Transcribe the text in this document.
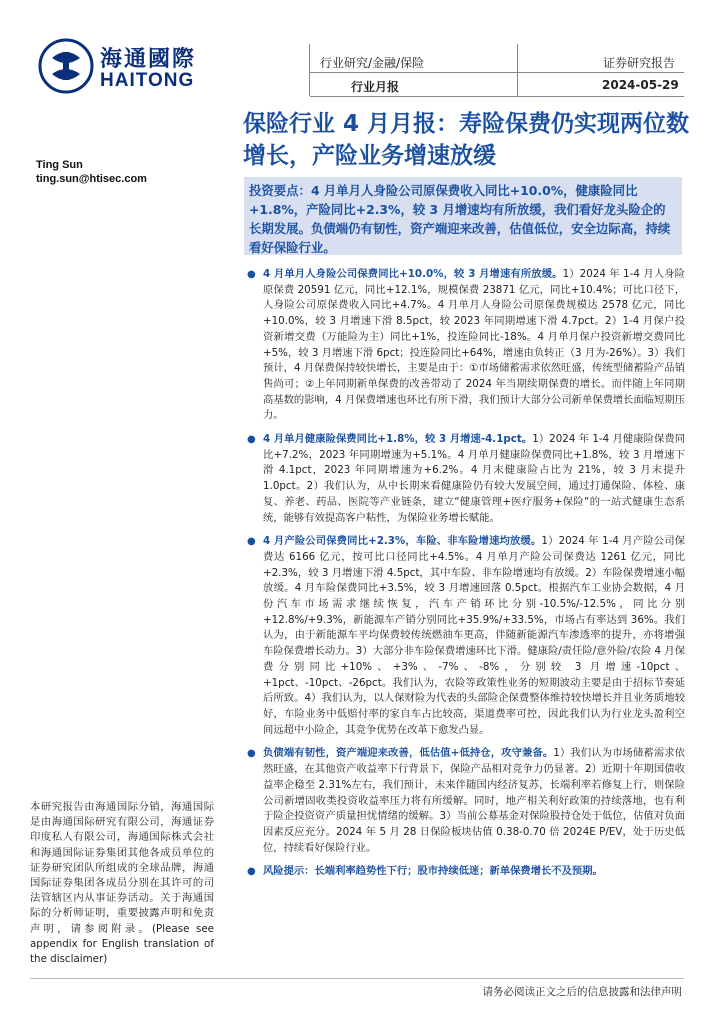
海通國際
HAITONG
行业研究/金融/保险	证券研究报告
行业月报	2024-05-29
保险行业 4 月月报：寿险保费仍实现两位数增长，产险业务增速放缓
Ting Sun
ting.sun@htisec.com
投资要点：4 月单月人身险公司原保费收入同比+10.0%，健康险同比+1.8%，产险同比+2.3%，较 3 月增速均有所放缓，我们看好龙头险企的长期发展。负债端仍有韧性，资产端迎来改善，估值低位，安全边际高，持续看好保险行业。
● 4 月单月人身险公司保费同比+10.0%，较 3 月增速有所放缓。1）2024 年 1-4 月人身险原保费 20591 亿元，同比+12.1%，规模保费 23871 亿元，同比+10.4%；可比口径下，人身险公司原保费收入同比+4.7%。4 月单月人身险公司原保费规模达 2578 亿元，同比+10.0%，较 3 月增速下滑 8.5pct，较 2023 年同期增速下滑 4.7pct。2）1-4 月保户投资新增交费（万能险为主）同比+1%，投连险同比-18%。4 月单月保户投资新增交费同比+5%，较 3 月增速下滑 6pct；投连险同比+64%，增速由负转正（3 月为-26%）。3）我们预计，4 月保费保持较快增长，主要是由于：①市场储蓄需求依然旺盛，传统型储蓄险产品销售尚可；②上年同期新单保费的改善带动了 2024 年当期续期保费的增长。而伴随上年同期高基数的影响，4 月保费增速也环比有所下滑，我们预计大部分公司新单保费增长面临短期压力。
● 4 月单月健康险保费同比+1.8%，较 3 月增速-4.1pct。1）2024 年 1-4 月健康险保费同比+7.2%，2023 年同期增速为+5.1%。4 月单月健康险保费同比+1.8%，较 3 月增速下滑 4.1pct，2023 年同期增速为+6.2%。4 月末健康险占比为 21%，较 3 月末提升 1.0pct。2）我们认为，从中长期来看健康险仍有较大发展空间，通过打通保险、体检、康复、养老、药品、医院等产业链条，建立“健康管理+医疗服务+保险”的一站式健康生态系统，能够有效提高客户粘性，为保险业务增长赋能。
● 4 月产险公司保费同比+2.3%，车险、非车险增速均放缓。1）2024 年 1-4 月产险公司保费达 6166 亿元，按可比口径同比+4.5%。4 月单月产险公司保费达 1261 亿元，同比+2.3%，较 3 月增速下滑 4.5pct，其中车险、非车险增速均有放缓。2）车险保费增速小幅放缓。4 月车险保费同比+3.5%，较 3 月增速回落 0.5pct。根据汽车工业协会数据，4 月份汽车市场需求继续恢复，汽车产销环比分别-10.5%/-12.5%，同比分别+12.8%/+9.3%，新能源车产销分别同比+35.9%/+33.5%，市场占有率达到 36%。我们认为，由于新能源车平均保费较传统燃油车更高，伴随新能源汽车渗透率的提升，亦将增强车险保费增长动力。3）大部分非车险保费增速环比下滑。健康险/责任险/意外险/农险 4 月保费分别同比+10%、+3%、-7%、-8%，分别较 3 月增速-10pct、+1pct、-10pct、-26pct。我们认为，农险等政策性业务的短期波动主要是由于招标节奏延后所致。4）我们认为，以人保财险为代表的头部险企保费整体维持较快增长并且业务质地较好，车险业务中低赔付率的家自车占比较高，渠道费率可控，因此我们认为行业龙头盈利空间远超中小险企，其竞争优势在改革下愈发凸显。
● 负债端有韧性，资产端迎来改善，低估值+低持仓，攻守兼备。1）我们认为市场储蓄需求依然旺盛，在其他资产收益率下行背景下，保险产品相对竞争力仍显著。2）近期十年期国债收益率企稳至 2.31%左右，我们预计，未来伴随国内经济复苏，长端利率若修复上行，则保险公司新增固收类投资收益率压力将有所缓解。同时，地产相关利好政策的持续落地，也有利于险企投资资产质量担忧情绪的缓解。3）当前公募基金对保险股持仓处于低位，估值对负面因素反应充分。2024 年 5 月 28 日保险板块估值 0.38-0.70 倍 2024E P/EV，处于历史低位，持续看好保险行业。
● 风险提示：长端利率趋势性下行；股市持续低迷；新单保费增长不及预期。
本研究报告由海通国际分销，海通国际是由海通国际研究有限公司，海通证券印度私人有限公司，海通国际株式会社和海通国际证券集团其他各成员单位的证券研究团队所组成的全球品牌，海通国际证券集团各成员分别在其许可的司法管辖区内从事证券活动。关于海通国际的分析师证明，重要披露声明和免责声明，请参阅附录。(Please see appendix for English translation of the disclaimer)
请务必阅读正文之后的信息披露和法律声明
